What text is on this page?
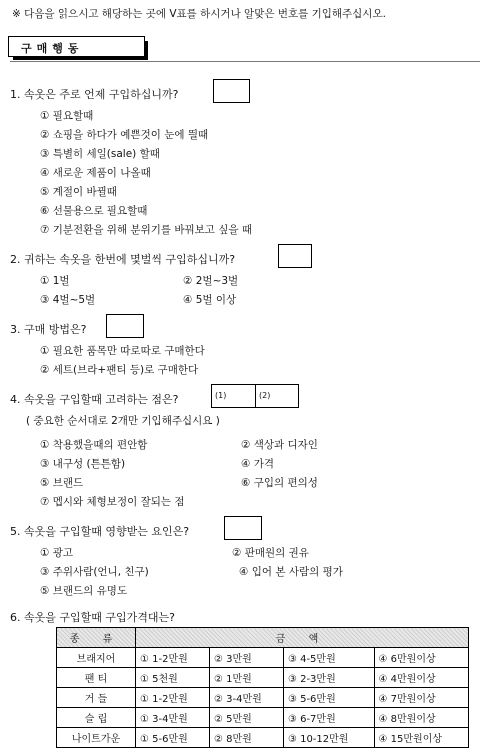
※ 다음을 읽으시고 해당하는 곳에 V표를 하시거나 알맞은 번호를 기입해주십시오.
구매행동
1. 속옷은 주로 언제 구입하십니까?
① 필요할때
② 쇼핑을 하다가 예쁜것이 눈에 띌때
③ 특별히 세일(sale) 할때
④ 새로운 제품이 나올때
⑤ 계절이 바뀔때
⑥ 선물용으로 필요할때
⑦ 기분전환을 위해 분위기를 바꿔보고 싶을 때
2. 귀하는 속옷을 한번에 몇벌씩 구입하십니까?
① 1벌	② 2벌~3벌
③ 4벌~5벌	④ 5벌 이상
3. 구매 방법은?
① 필요한 품목만 따로따로 구매한다
② 세트(브라+팬티 등)로 구매한다
4. 속옷을 구입할때 고려하는 점은?	(1)	(2)
( 중요한 순서대로 2개만 기입해주십시요 )
① 착용했을때의 편안함	② 색상과 디자인
③ 내구성 (튼튼함)	④ 가격
⑤ 브랜드	⑥ 구입의 편의성
⑦ 멥시와 체형보정이 잘되는 점
5. 속옷을 구입할때 영향받는 요인은?
① 광고	② 판매원의 권유
③ 주위사람(언니, 친구)	④ 입어 본 사람의 평가
⑤ 브랜드의 유명도
6. 속옷을 구입할때 구입가격대는?
종 류	금 액			
브래지어	① 1-2만원	② 3만원	③ 4-5만원	④ 6만원이상
팬 티	① 5천원	② 1만원	③ 2-3만원	④ 4만원이상
거 들	① 1-2만원	② 3-4만원	③ 5-6만원	④ 7만원이상
슬 립	① 3-4만원	② 5만원	③ 6-7만원	④ 8만원이상
나이트가운	① 5-6만원	② 8만원	③ 10-12만원	④ 15만원이상
